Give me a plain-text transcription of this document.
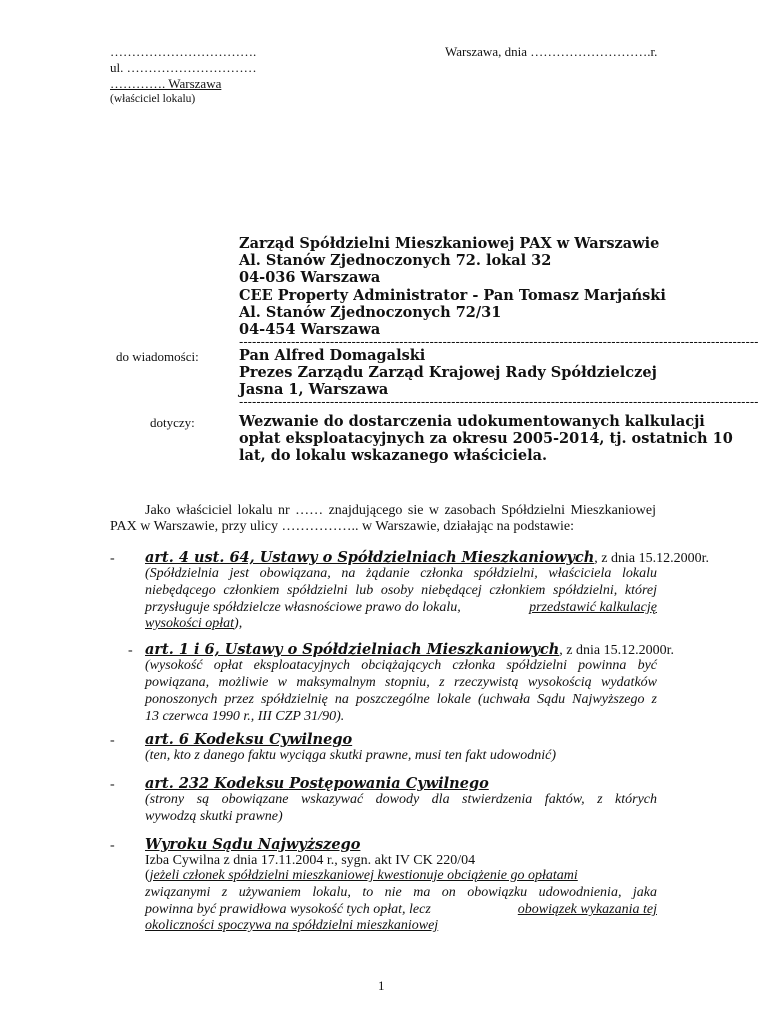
…………………………….
ul. …………………………
…………. Warszawa
(właściciel lokalu)
Warszawa, dnia ……………………….r.
Zarząd Spółdzielni Mieszkaniowej PAX w Warszawie
Al. Stanów Zjednoczonych 72. lokal 32
04-036 Warszawa
CEE Property Administrator - Pan Tomasz Marjański
Al. Stanów Zjednoczonych 72/31
04-454 Warszawa
------------------------------------------------------------------------------------------------------------------------
do wiadomości:	Pan Alfred Domagalski
Prezes Zarządu Zarząd Krajowej Rady Spółdzielczej
Jasna 1, Warszawa
------------------------------------------------------------------------------------------------------------------------
dotyczy:	Wezwanie do dostarczenia udokumentowanych kalkulacji
opłat eksploatacyjnych za okresu 2005-2014, tj. ostatnich 10
lat, do lokalu wskazanego właściciela.
Jako właściciel lokalu nr …… znajdującego sie w zasobach Spółdzielni Mieszkaniowej
PAX w Warszawie, przy ulicy …………….. w Warszawie, działając na podstawie:
- art. 4 ust. 64, Ustawy o Spółdzielniach Mieszkaniowych, z dnia 15.12.2000r.
(Spółdzielnia jest obowiązana, na żądanie członka spółdzielni, właściciela lokalu
niebędącego członkiem spółdzielni lub osoby niebędącej członkiem spółdzielni, której
przysługuje spółdzielcze własnościowe prawo do lokalu,	przedstawić kalkulację
wysokości opłat),
- art. 1 i 6, Ustawy o Spółdzielniach Mieszkaniowych, z dnia 15.12.2000r.
(wysokość opłat eksploatacyjnych obciążających członka spółdzielni powinna być
powiązana, możliwie w maksymalnym stopniu, z rzeczywistą wysokością wydatków
ponoszonych przez spółdzielnię na poszczególne lokale (uchwała Sądu Najwyższego z
13 czerwca 1990 r., III CZP 31/90).
- art. 6 Kodeksu Cywilnego
(ten, kto z danego faktu wyciąga skutki prawne, musi ten fakt udowodnić)
- art. 232 Kodeksu Postępowania Cywilnego
(strony są obowiązane wskazywać dowody dla stwierdzenia faktów, z których
wywodzą skutki prawne)
- Wyroku Sądu Najwyższego
Izba Cywilna z dnia 17.11.2004 r., sygn. akt IV CK 220/04
(jeżeli członek spółdzielni mieszkaniowej kwestionuje obciążenie go opłatami
związanymi z używaniem lokalu, to nie ma on obowiązku udowodnienia, jaka
powinna być prawidłowa wysokość tych opłat, lecz	obowiązek wykazania tej
okoliczności spoczywa na spółdzielni mieszkaniowej
1
